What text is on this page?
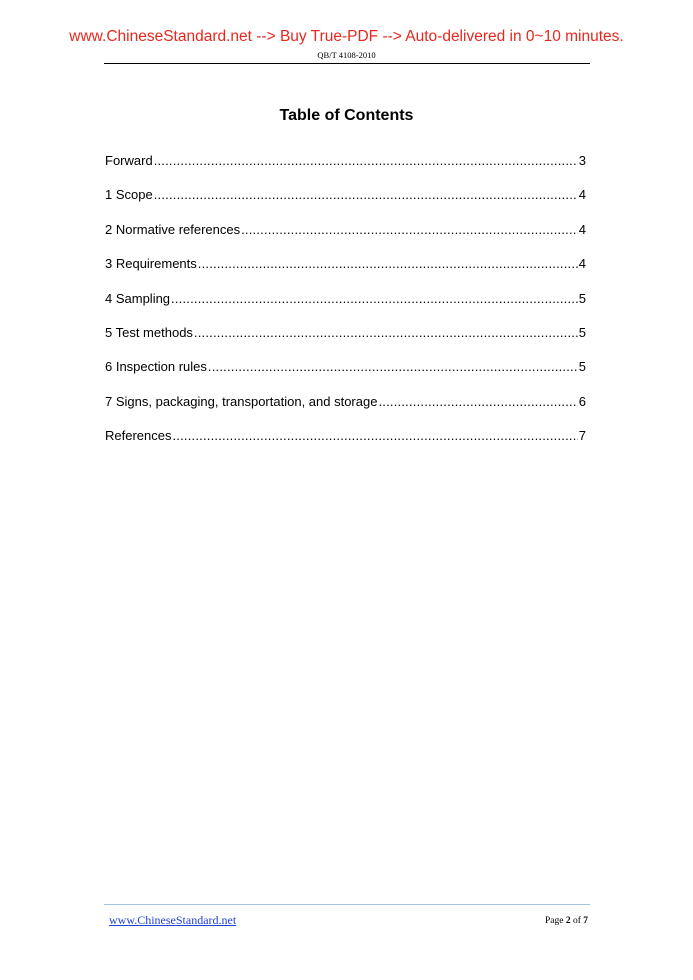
www.ChineseStandard.net --> Buy True-PDF --> Auto-delivered in 0~10 minutes.
QB/T 4108-2010
Table of Contents
Forward .....	3
1 Scope .....	4
2 Normative references .....	4
3 Requirements .....	4
4 Sampling .....	5
5 Test methods .....	5
6 Inspection rules .....	5
7 Signs, packaging, transportation, and storage .....	6
References .....	7
www.ChineseStandard.net	Page 2 of 7
